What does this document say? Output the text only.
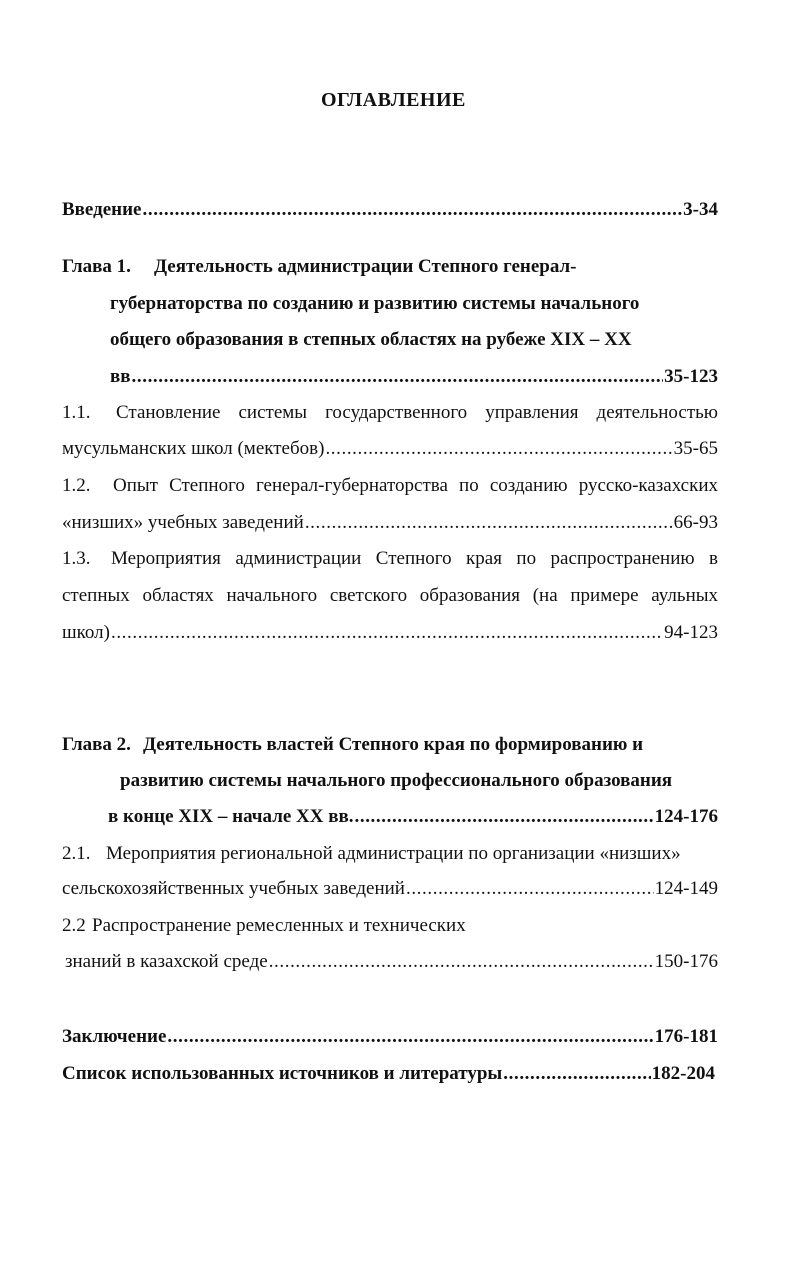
ОГЛАВЛЕНИЕ
Введение .....	3-34
Глава 1. Деятельность администрации Степного генерал-
губернаторства по созданию и развитию системы начального
общего образования в степных областях на рубеже XIX – XX
вв .....	35-123
1.1. Становление системы государственного управления деятельностью
мусульманских школ (мектебов) .....	35-65
1.2. Опыт Степного генерал-губернаторства по созданию русско-казахских
«низших» учебных заведений .....	66-93
1.3. Мероприятия администрации Степного края по распространению в
степных областях начального светского образования (на примере аульных
школ) .....	94-123
Глава 2. Деятельность властей Степного края по формированию и
развитию системы начального профессионального образования
в конце XIX – начале XX вв. .....	124-176
2.1. Мероприятия региональной администрации по организации «низших»
сельскохозяйственных учебных заведений .....	124-149
2.2 Распространение ремесленных и технических
знаний в казахской среде .....	150-176
Заключение .....	176-181
Список использованных источников и литературы .....	182-204
